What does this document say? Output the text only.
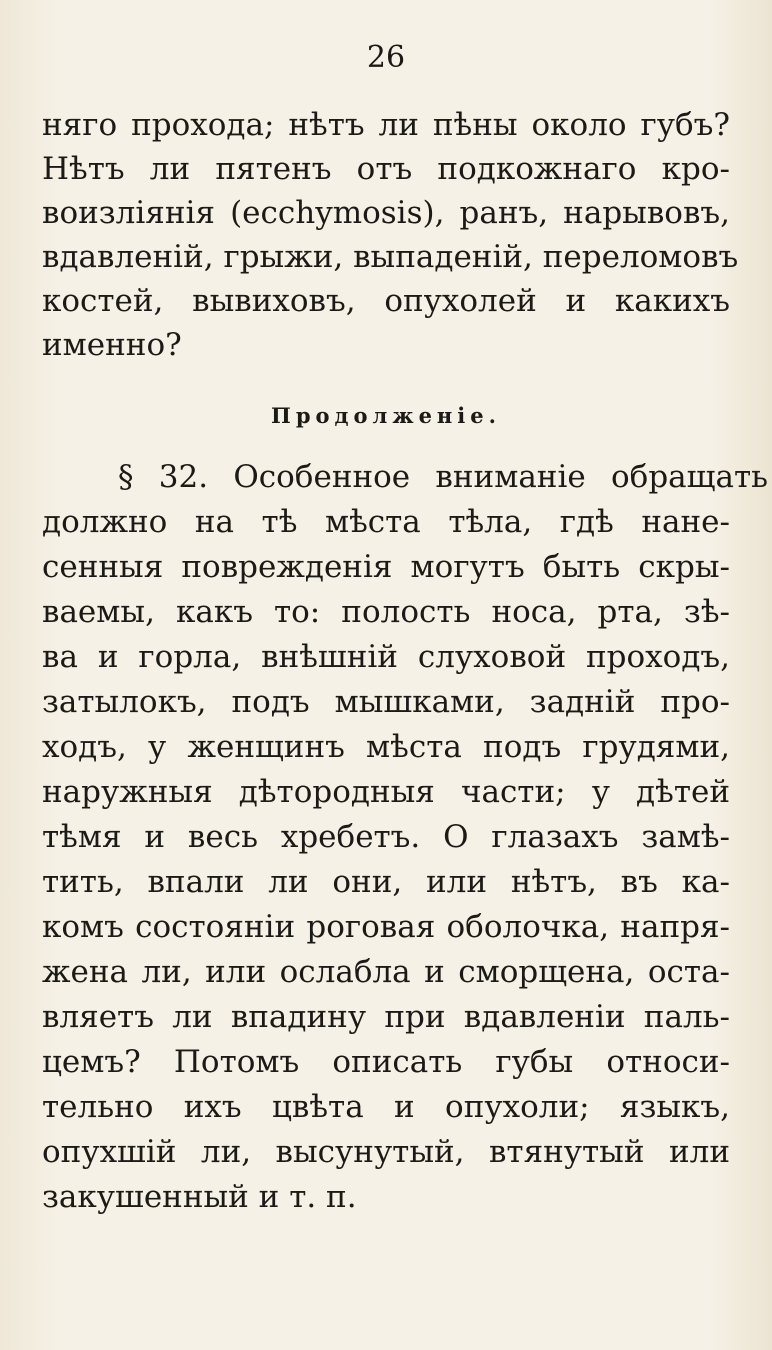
26
няго прохода; нѣтъ ли пѣны около губъ?
Нѣтъ ли пятенъ отъ подкожнаго кро-
воизліянія (ecchymosis), ранъ, нарывовъ,
вдавленій, грыжи, выпаденій, переломовъ
костей, вывиховъ, опухолей и какихъ
именно?
Продолженіе.
§ 32. Особенное вниманіе обращать
должно на тѣ мѣста тѣла, гдѣ нане-
сенныя поврежденія могутъ быть скры-
ваемы, какъ то: полость носа, рта, зѣ-
ва и горла, внѣшній слуховой проходъ,
затылокъ, подъ мышками, задній про-
ходъ, у женщинъ мѣста подъ грудями,
наружныя дѣтородныя части; у дѣтей
тѣмя и весь хребетъ. О глазахъ замѣ-
тить, впали ли они, или нѣтъ, въ ка-
комъ состояніи роговая оболочка, напря-
жена ли, или ослабла и сморщена, оста-
вляетъ ли впадину при вдавленіи паль-
цемъ? Потомъ описать губы относи-
тельно ихъ цвѣта и опухоли; языкъ,
опухшій ли, высунутый, втянутый или
закушенный и т. п.
